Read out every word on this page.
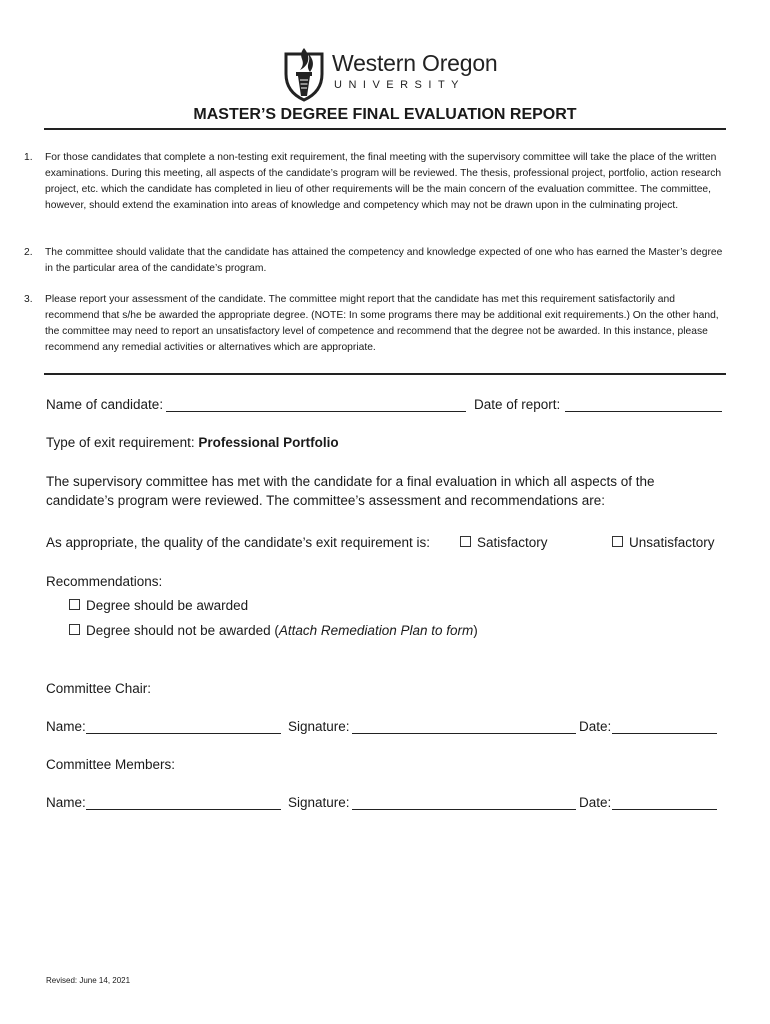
Western Oregon
UNIVERSITY
MASTER’S DEGREE FINAL EVALUATION REPORT
1. For those candidates that complete a non-testing exit requirement, the final meeting with the supervisory committee will take the place of the written examinations. During this meeting, all aspects of the candidate’s program will be reviewed. The thesis, professional project, portfolio, action research project, etc. which the candidate has completed in lieu of other requirements will be the main concern of the evaluation committee. The committee, however, should extend the examination into areas of knowledge and competency which may not be drawn upon in the culminating project.
2. The committee should validate that the candidate has attained the competency and knowledge expected of one who has earned the Master’s degree in the particular area of the candidate’s program.
3. Please report your assessment of the candidate. The committee might report that the candidate has met this requirement satisfactorily and recommend that s/he be awarded the appropriate degree. (NOTE: In some programs there may be additional exit requirements.) On the other hand, the committee may need to report an unsatisfactory level of competence and recommend that the degree not be awarded. In this instance, please recommend any remedial activities or alternatives which are appropriate.
Name of candidate:	Date of report:
Type of exit requirement: Professional Portfolio
The supervisory committee has met with the candidate for a final evaluation in which all aspects of the candidate’s program were reviewed. The committee’s assessment and recommendations are:
As appropriate, the quality of the candidate’s exit requirement is:	Satisfactory	Unsatisfactory
Recommendations:
Degree should be awarded
Degree should not be awarded (Attach Remediation Plan to form)
Committee Chair:
Name:	Signature:	Date:
Committee Members:
Name:	Signature:	Date:
Revised: June 14, 2021
